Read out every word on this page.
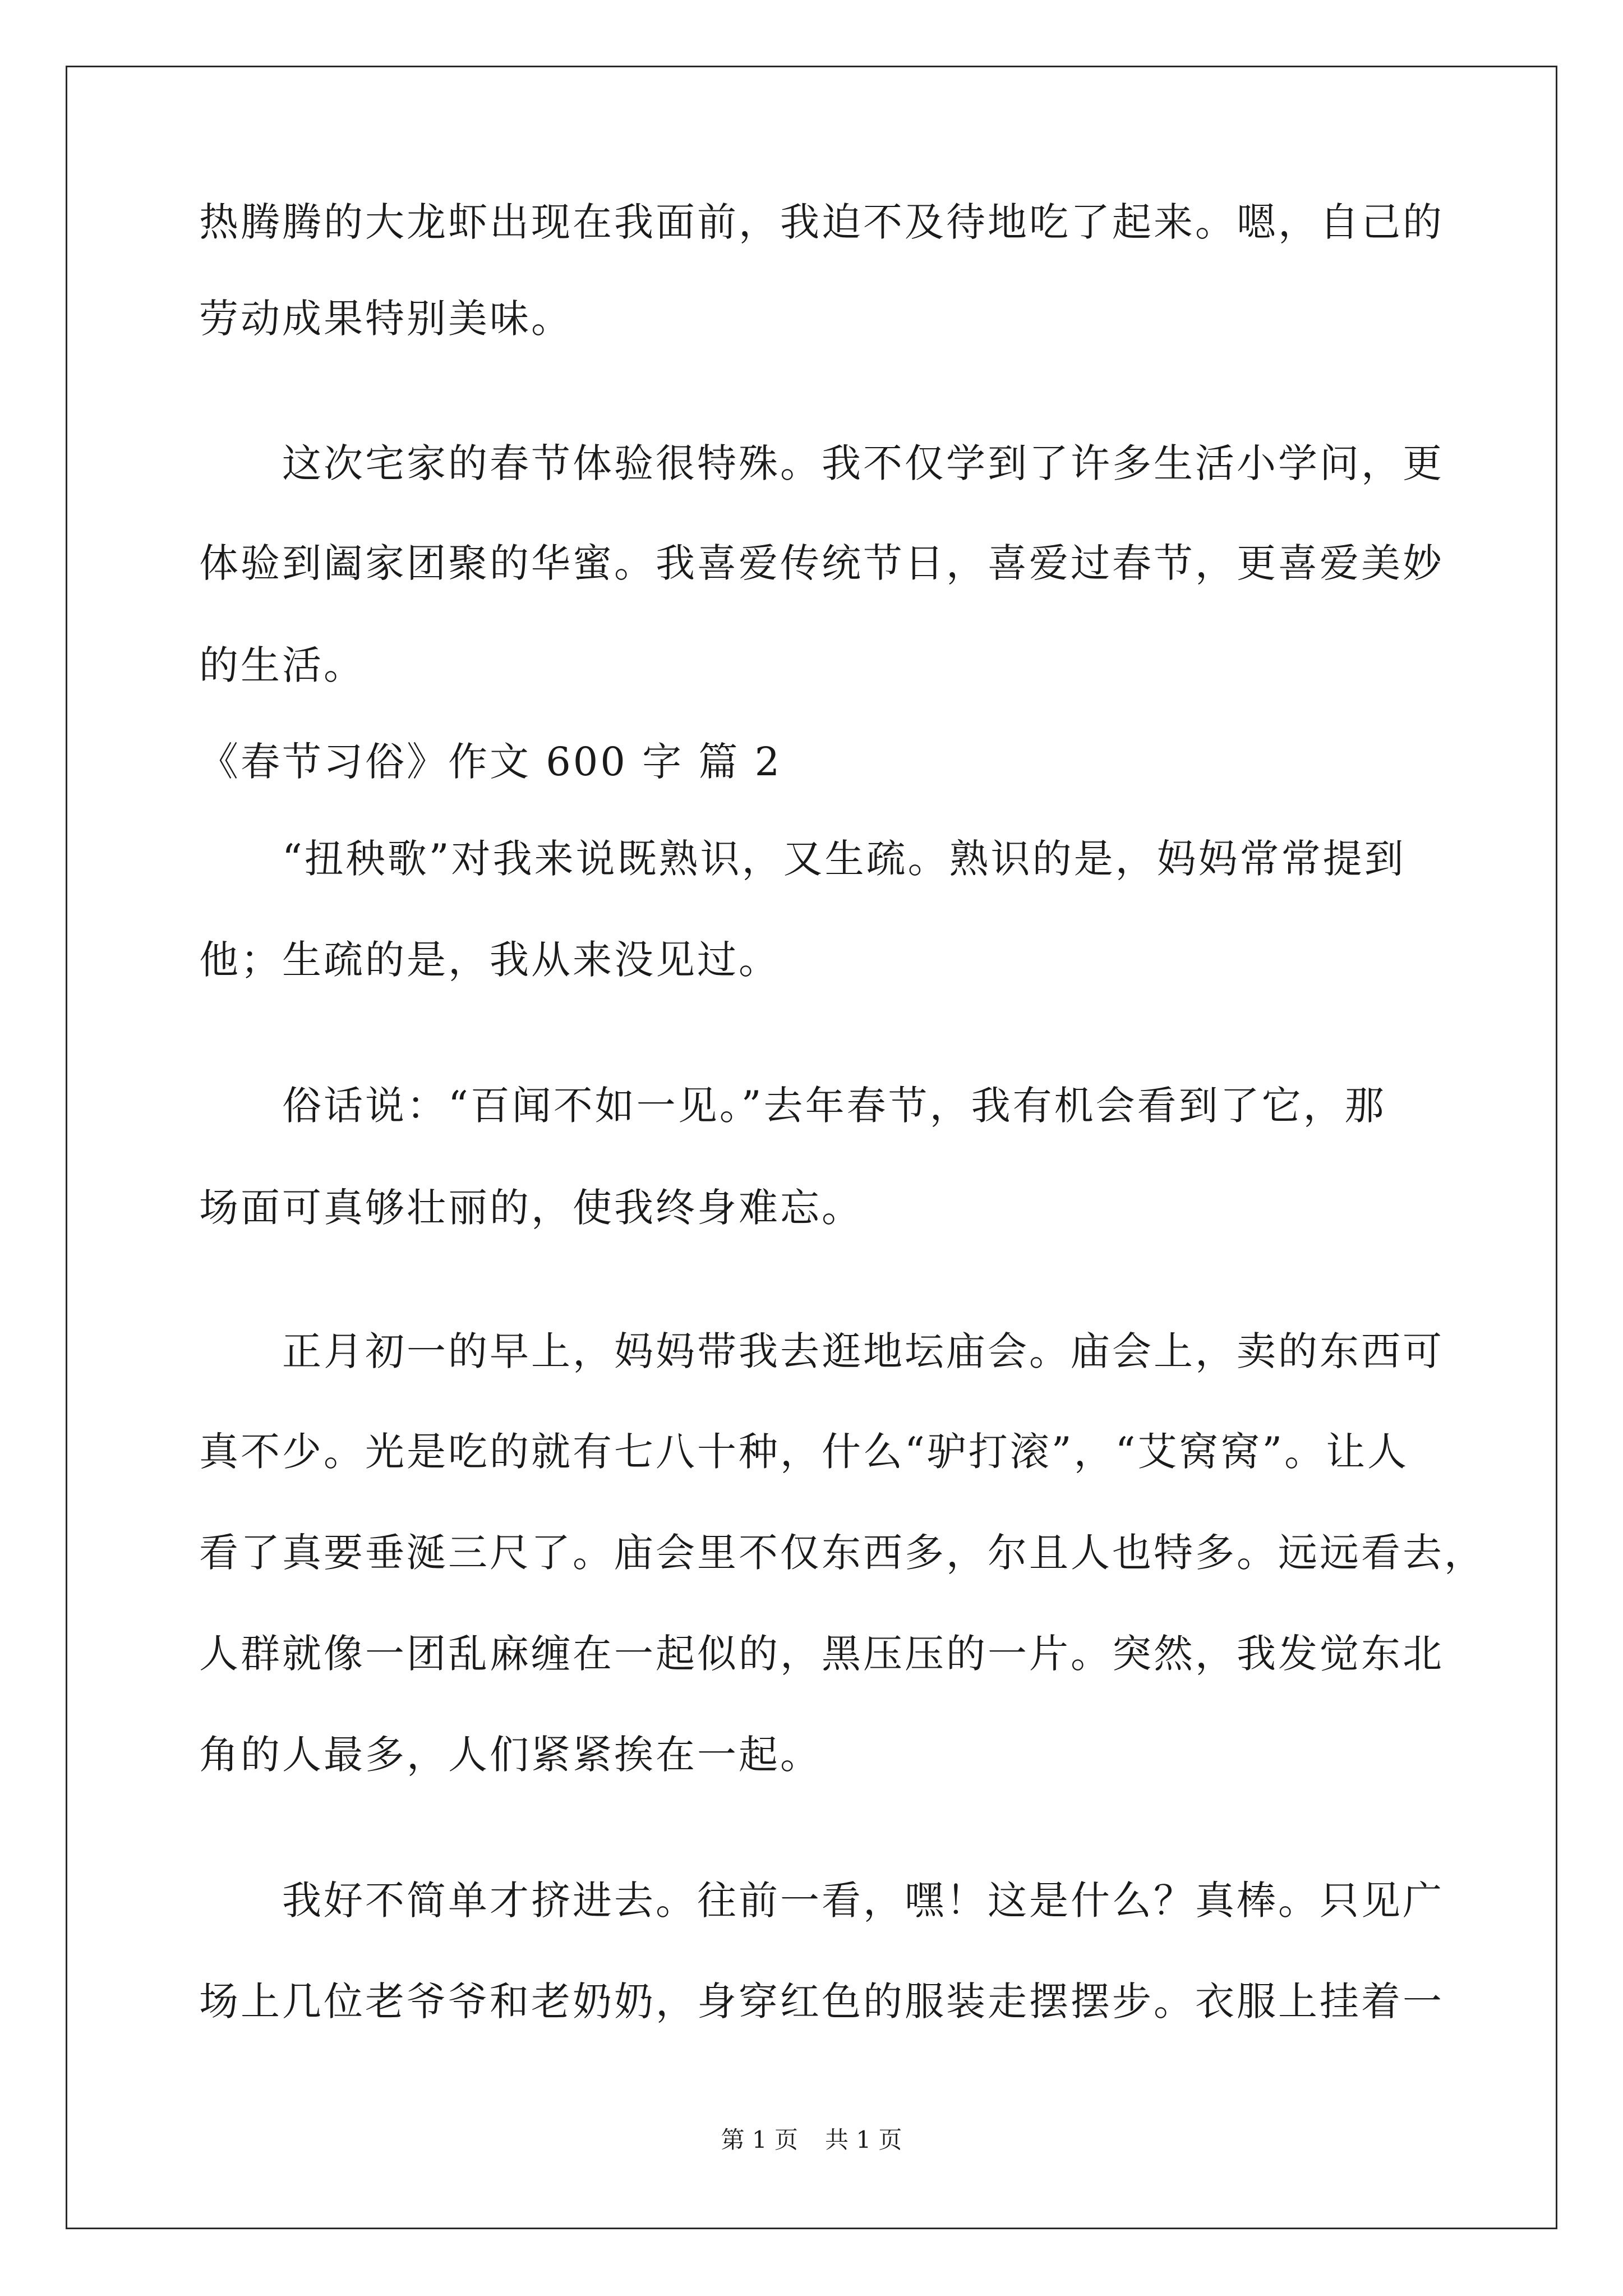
热腾腾的大龙虾出现在我面前，我迫不及待地吃了起来。嗯，自己的

劳动成果特别美味。

　　这次宅家的春节体验很特殊。我不仅学到了许多生活小学问，更

体验到阖家团聚的华蜜。我喜爱传统节日，喜爱过春节，更喜爱美妙

的生活。

《春节习俗》作文 600 字 篇 2

　　“扭秧歌”对我来说既熟识，又生疏。熟识的是，妈妈常常提到

他；生疏的是，我从来没见过。

　　俗话说：“百闻不如一见。”去年春节，我有机会看到了它，那

场面可真够壮丽的，使我终身难忘。

　　正月初一的早上，妈妈带我去逛地坛庙会。庙会上，卖的东西可

真不少。光是吃的就有七八十种，什么“驴打滚”，“艾窝窝”。让人

看了真要垂涎三尺了。庙会里不仅东西多，尔且人也特多。远远看去，

人群就像一团乱麻缠在一起似的，黑压压的一片。突然，我发觉东北

角的人最多，人们紧紧挨在一起。

　　我好不简单才挤进去。往前一看，嘿！这是什么？真棒。只见广

场上几位老爷爷和老奶奶，身穿红色的服装走摆摆步。衣服上挂着一

第 1 页 共 1 页
